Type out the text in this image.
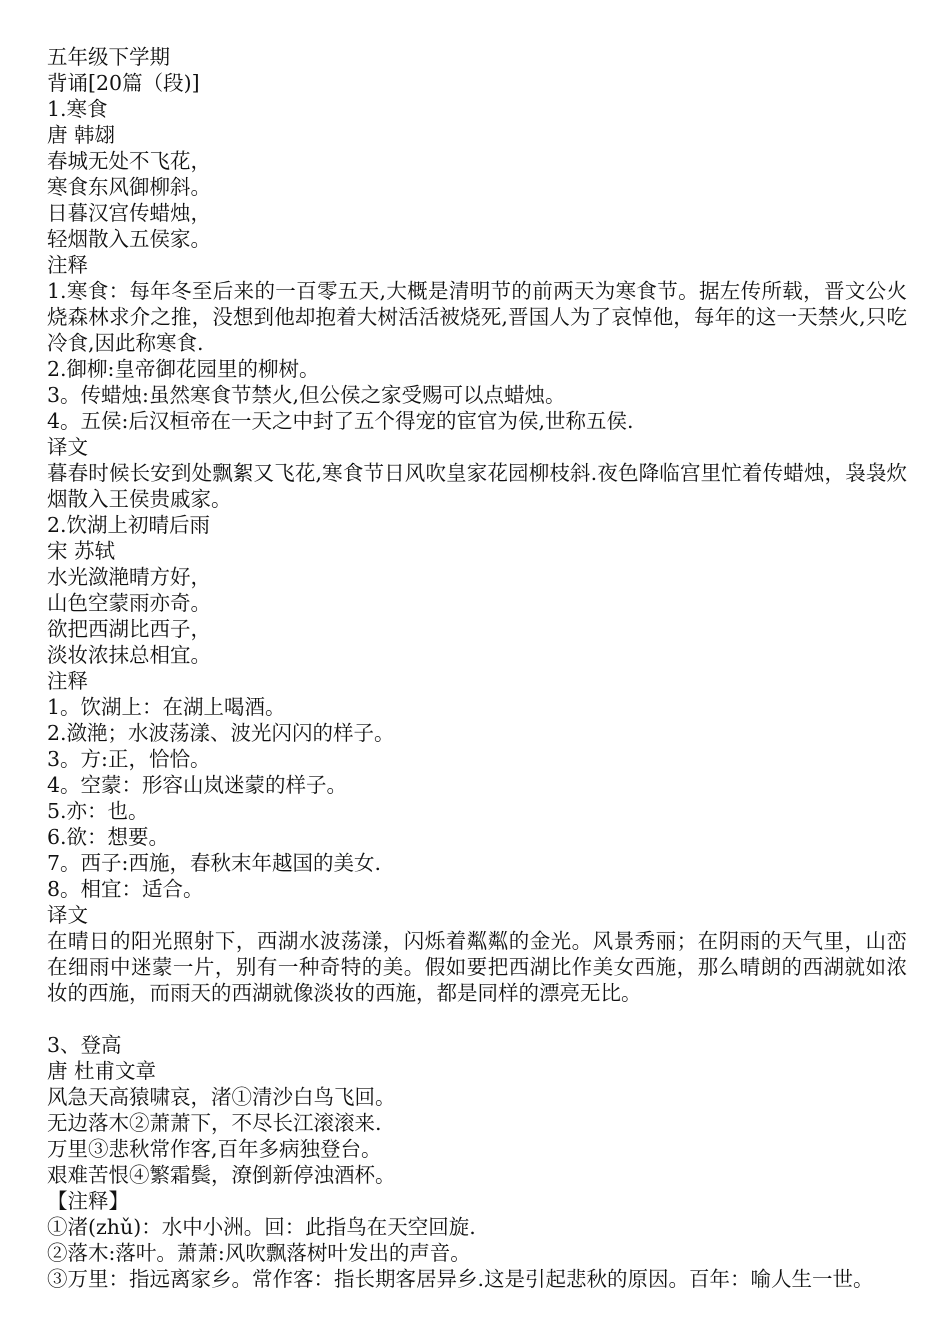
五年级下学期
背诵[20篇（段)]
1.寒食
唐 韩翃
春城无处不飞花，
寒食东风御柳斜。
日暮汉宫传蜡烛，
轻烟散入五侯家。
注释
1.寒食：每年冬至后来的一百零五天,大概是清明节的前两天为寒食节。据左传所载，晋文公火烧森林求介之推，没想到他却抱着大树活活被烧死,晋国人为了哀悼他，每年的这一天禁火,只吃冷食,因此称寒食.
2.御柳:皇帝御花园里的柳树。
3。传蜡烛:虽然寒食节禁火,但公侯之家受赐可以点蜡烛。
4。五侯:后汉桓帝在一天之中封了五个得宠的宦官为侯,世称五侯.
译文
暮春时候长安到处飘絮又飞花,寒食节日风吹皇家花园柳枝斜.夜色降临宫里忙着传蜡烛，袅袅炊烟散入王侯贵戚家。
2.饮湖上初晴后雨
宋 苏轼
水光潋滟晴方好，
山色空蒙雨亦奇。
欲把西湖比西子，
淡妆浓抹总相宜。
注释
1。饮湖上：在湖上喝酒。
2.潋滟；水波荡漾、波光闪闪的样子。
3。方:正，恰恰。
4。空蒙：形容山岚迷蒙的样子。
5.亦：也。
6.欲：想要。
7。西子:西施，春秋末年越国的美女.
8。相宜：适合。
译文
在晴日的阳光照射下，西湖水波荡漾，闪烁着粼粼的金光。风景秀丽；在阴雨的天气里，山峦在细雨中迷蒙一片，别有一种奇特的美。假如要把西湖比作美女西施，那么晴朗的西湖就如浓妆的西施，而雨天的西湖就像淡妆的西施，都是同样的漂亮无比。
3、登高
唐 杜甫文章
风急天高猿啸哀，渚①清沙白鸟飞回。
无边落木②萧萧下，不尽长江滚滚来.
万里③悲秋常作客,百年多病独登台。
艰难苦恨④繁霜鬓，潦倒新停浊酒杯。
【注释】
①渚(zhǔ)：水中小洲。回：此指鸟在天空回旋.
②落木:落叶。萧萧:风吹飘落树叶发出的声音。
③万里：指远离家乡。常作客：指长期客居异乡.这是引起悲秋的原因。百年：喻人生一世。
